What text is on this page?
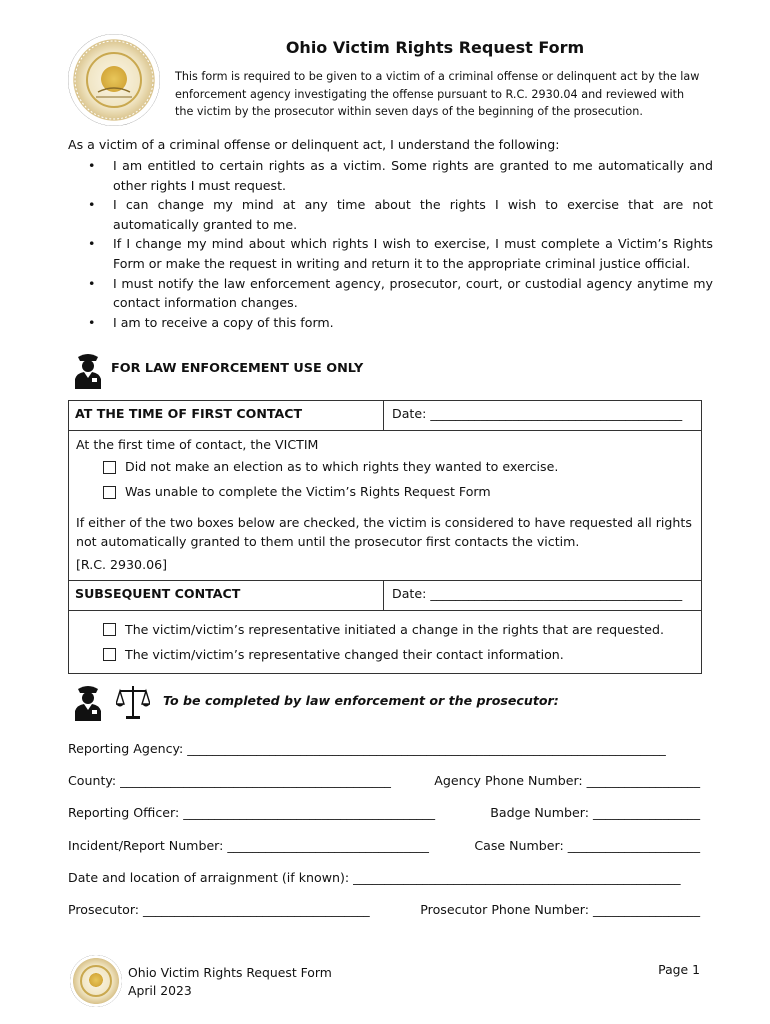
Ohio Victim Rights Request Form
This form is required to be given to a victim of a criminal offense or delinquent act by the law enforcement agency investigating the offense pursuant to R.C. 2930.04 and reviewed with the victim by the prosecutor within seven days of the beginning of the prosecution.
As a victim of a criminal offense or delinquent act, I understand the following:
• I am entitled to certain rights as a victim. Some rights are granted to me automatically and other rights I must request.
• I can change my mind at any time about the rights I wish to exercise that are not automatically granted to me.
• If I change my mind about which rights I wish to exercise, I must complete a Victim’s Rights Form or make the request in writing and return it to the appropriate criminal justice official.
• I must notify the law enforcement agency, prosecutor, court, or custodial agency anytime my contact information changes.
• I am to receive a copy of this form.
FOR LAW ENFORCEMENT USE ONLY
AT THE TIME OF FIRST CONTACT	Date: ________________________________________

At the first time of contact, the VICTIM
Did not make an election as to which rights they wanted to exercise.
Was unable to complete the Victim’s Rights Request Form
If either of the two boxes below are checked, the victim is considered to have requested all rights not automatically granted to them until the prosecutor first contacts the victim.
[R.C. 2930.06]	

SUBSEQUENT CONTACT	Date: ________________________________________

The victim/victim’s representative initiated a change in the rights that are requested.
The victim/victim’s representative changed their contact information.	
To be completed by law enforcement or the prosecutor:
Reporting Agency: ____________________________________________________________________________
County: ___________________________________________	Agency Phone Number: __________________
Reporting Officer: ________________________________________	Badge Number: _________________
Incident/Report Number: ________________________________	Case Number: _____________________
Date and location of arraignment (if known): ____________________________________________________
Prosecutor: ____________________________________	Prosecutor Phone Number: _________________
Ohio Victim Rights Request Form
April 2023
Page 1
